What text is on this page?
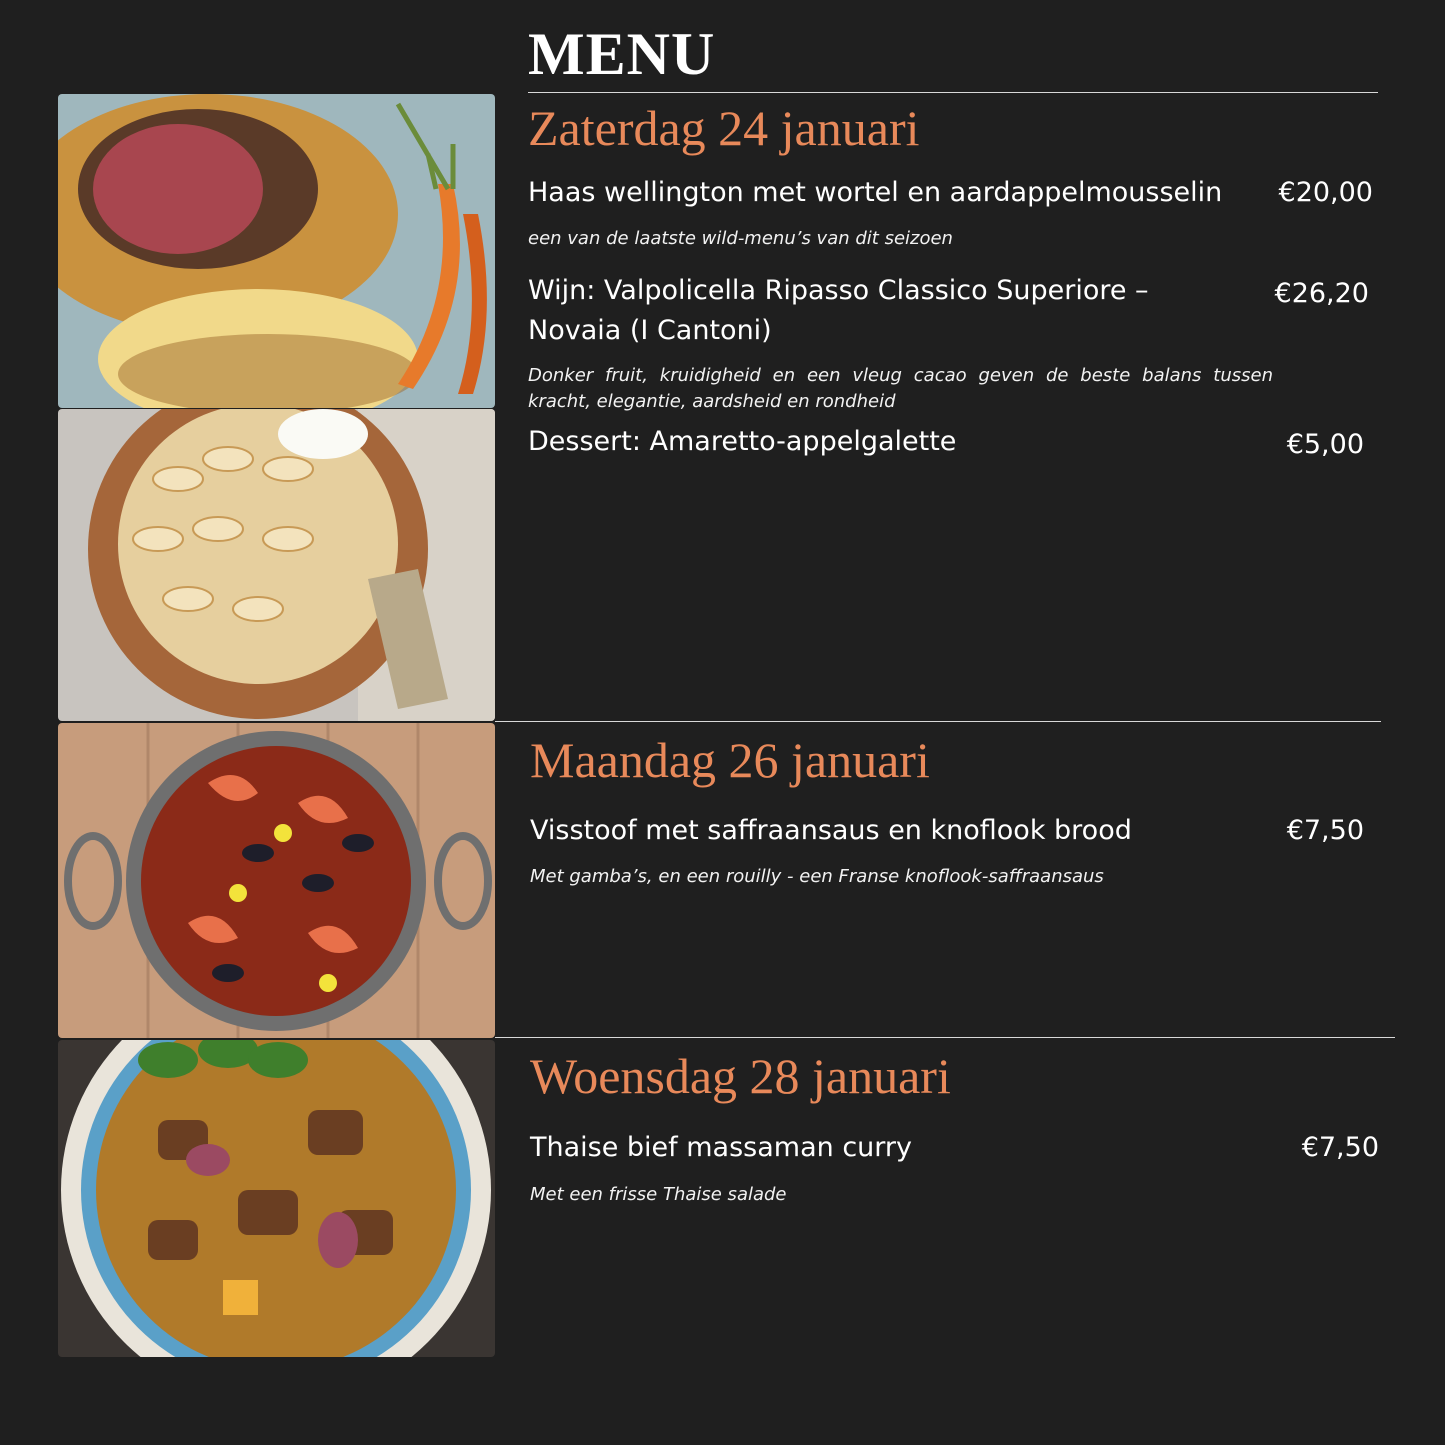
MENU
Zaterdag 24 januari
Haas wellington met wortel en aardappelmousselin	€20,00
een van de laatste wild-menu’s van dit seizoen
Wijn: Valpolicella Ripasso Classico Superiore – Novaia (I Cantoni)
€26,20
Donker fruit, kruidigheid en een vleug cacao geven de beste balans tussen kracht, elegantie, aardsheid en rondheid
Dessert: Amaretto-appelgalette	€5,00
Maandag 26 januari
Visstoof met saffraansaus en knoflook brood	€7,50
Met gamba’s, en een rouilly - een Franse knoflook-saffraansaus
Woensdag 28 januari
Thaise bief massaman curry	€7,50
Met een frisse Thaise salade
